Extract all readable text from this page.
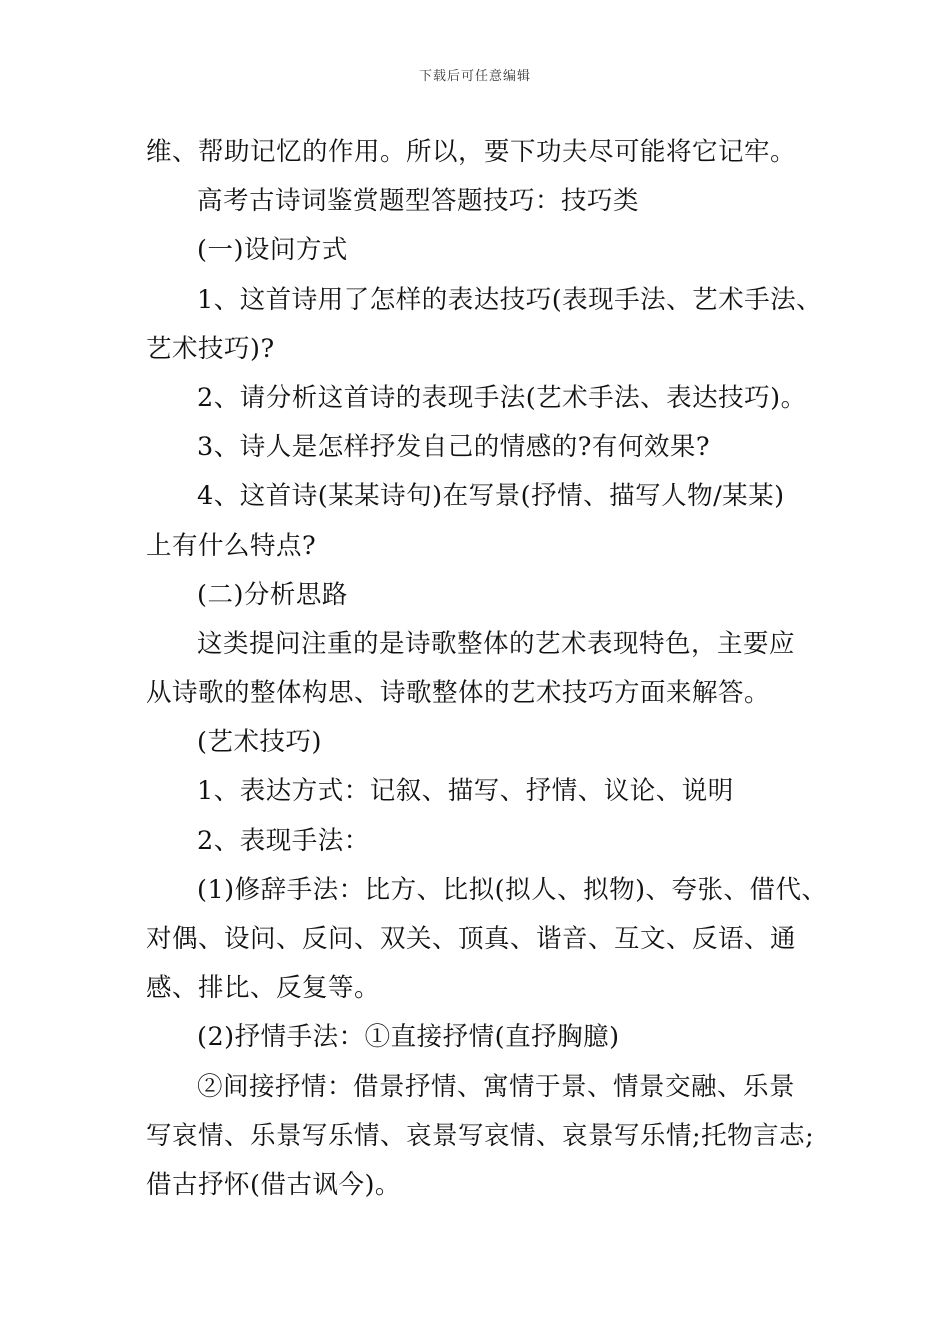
下载后可任意编辑
维、帮助记忆的作用。所以，要下功夫尽可能将它记牢。
高考古诗词鉴赏题型答题技巧：技巧类
(一)设问方式
1、这首诗用了怎样的表达技巧(表现手法、艺术手法、
艺术技巧)?
2、请分析这首诗的表现手法(艺术手法、表达技巧)。
3、诗人是怎样抒发自己的情感的?有何效果?
4、这首诗(某某诗句)在写景(抒情、描写人物/某某)
上有什么特点?
(二)分析思路
这类提问注重的是诗歌整体的艺术表现特色，主要应
从诗歌的整体构思、诗歌整体的艺术技巧方面来解答。
(艺术技巧)
1、表达方式：记叙、描写、抒情、议论、说明
2、表现手法：
(1)修辞手法：比方、比拟(拟人、拟物)、夸张、借代、
对偶、设问、反问、双关、顶真、谐音、互文、反语、通
感、排比、反复等。
(2)抒情手法：①直接抒情(直抒胸臆)
②间接抒情：借景抒情、寓情于景、情景交融、乐景
写哀情、乐景写乐情、哀景写哀情、哀景写乐情;托物言志;
借古抒怀(借古讽今)。
